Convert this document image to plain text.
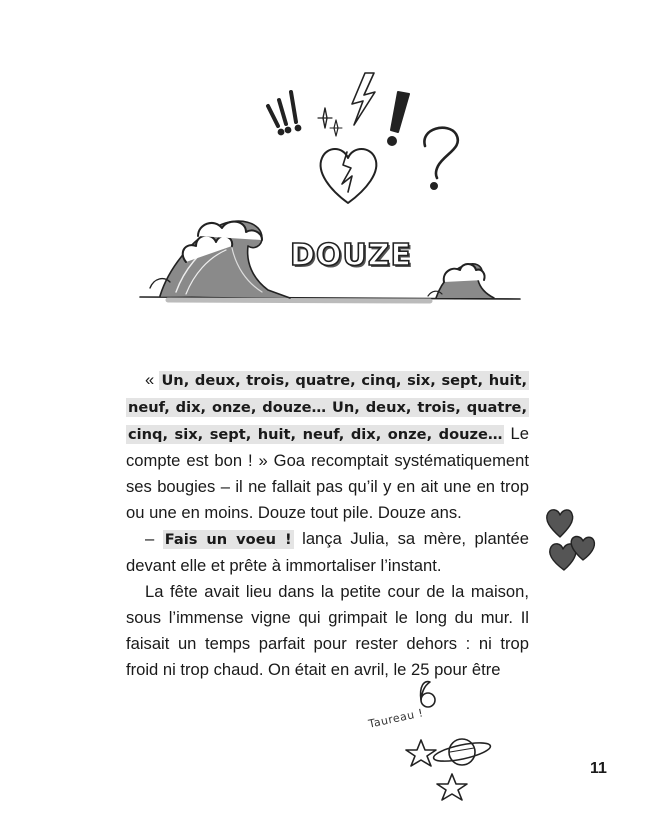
DOUZE

« Un, deux, trois, quatre, cinq, six, sept, huit, neuf, dix, onze, douze… Un, deux, trois, quatre, cinq, six, sept, huit, neuf, dix, onze, douze… Le compte est bon ! » Goa recomptait systématiquement ses bougies – il ne fallait pas qu’il y en ait une en trop ou une en moins. Douze tout pile. Douze ans.

– Fais un voeu ! lança Julia, sa mère, plantée devant elle et prête à immortaliser l’instant.

La fête avait lieu dans la petite cour de la maison, sous l’immense vigne qui grimpait le long du mur. Il faisait un temps parfait pour rester dehors : ni trop froid ni trop chaud. On était en avril, le 25 pour être

Taureau !
11
